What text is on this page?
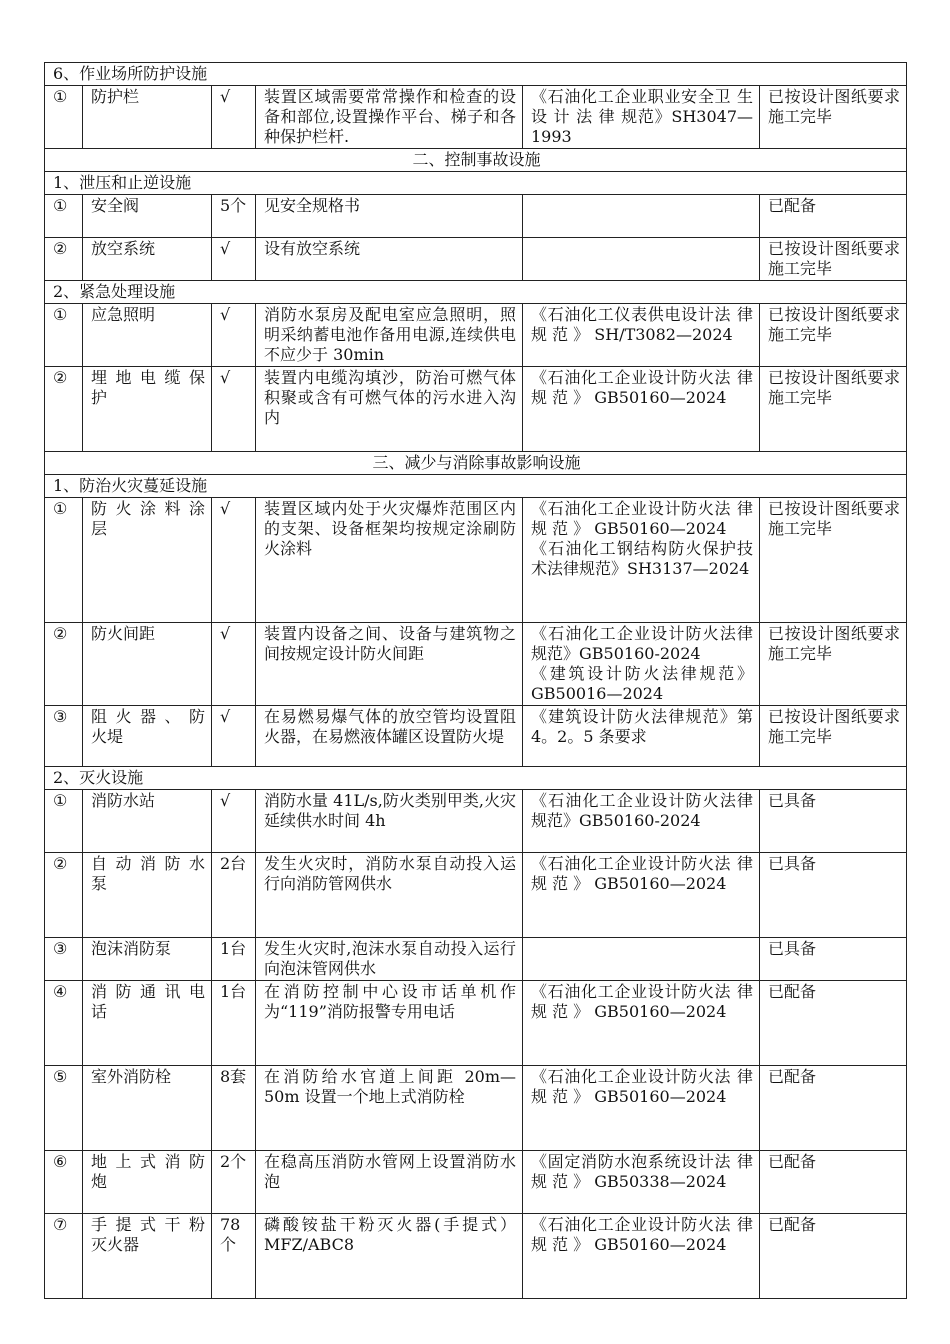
6、作业场所防护设施					
①	防护栏	√	装置区域需要常常操作和检查的设备和部位,设置操作平台、梯子和各种保护栏杆.	《石油化工企业职业安全卫 生 设 计 法 律 规范》SH3047—1993	已按设计图纸要求施工完毕
二、控制事故设施					
1、泄压和止逆设施					
①	安全阀	5个	见安全规格书		已配备
②	放空系统	√	设有放空系统		已按设计图纸要求施工完毕
2、紧急处理设施					
①	应急照明	√	消防水泵房及配电室应急照明，照明采纳蓄电池作备用电源,连续供电不应少于 30min	《石油化工仪表供电设计法 律 规 范 》 SH/T3082—2024	已按设计图纸要求施工完毕
②	埋 地 电 缆 保护	√	装置内电缆沟填沙，防治可燃气体积聚或含有可燃气体的污水进入沟内	《石油化工企业设计防火法 律 规 范 》 GB50160—2024	已按设计图纸要求施工完毕
三、减少与消除事故影响设施					
1、防治火灾蔓延设施					
①	防 火 涂 料 涂层	√	装置区域内处于火灾爆炸范围区内的支架、设备框架均按规定涂刷防火涂料	《石油化工企业设计防火法 律 规 范 》 GB50160—2024
《石油化工钢结构防火保护技术法律规范》SH3137—2024	已按设计图纸要求施工完毕
②	防火间距	√	装置内设备之间、设备与建筑物之间按规定设计防火间距	《石油化工企业设计防火法律规范》GB50160-2024
《建筑设计防火法律规范》GB50016—2024	已按设计图纸要求施工完毕
③	阻 火 器 、 防火堤	√	在易燃易爆气体的放空管均设置阻火器，在易燃液体罐区设置防火堤	《建筑设计防火法律规范》第 4。2。5 条要求	已按设计图纸要求施工完毕
2、灭火设施					
①	消防水站	√	消防水量 41L/s,防火类别甲类,火灾延续供水时间 4h	《石油化工企业设计防火法律规范》GB50160-2024	已具备
②	自 动 消 防 水泵	2台	发生火灾时，消防水泵自动投入运行向消防管网供水	《石油化工企业设计防火法 律 规 范 》 GB50160—2024	已具备
③	泡沫消防泵	1台	发生火灾时,泡沫水泵自动投入运行向泡沫管网供水		已具备
④	消 防 通 讯 电话	1台	在消防控制中心设市话单机作为“119”消防报警专用电话	《石油化工企业设计防火法 律 规 范 》 GB50160—2024	已配备
⑤	室外消防栓	8套	在消防给水官道上间距 20m—50m 设置一个地上式消防栓	《石油化工企业设计防火法 律 规 范 》 GB50160—2024	已配备
⑥	地 上 式 消 防炮	2个	在稳高压消防水管网上设置消防水泡	《固定消防水泡系统设计法 律 规 范 》 GB50338—2024	已配备
⑦	手 提 式 干 粉灭火器	78个	磷酸铵盐干粉灭火器(手提式）MFZ/ABC8	《石油化工企业设计防火法 律 规 范 》 GB50160—2024	已配备
